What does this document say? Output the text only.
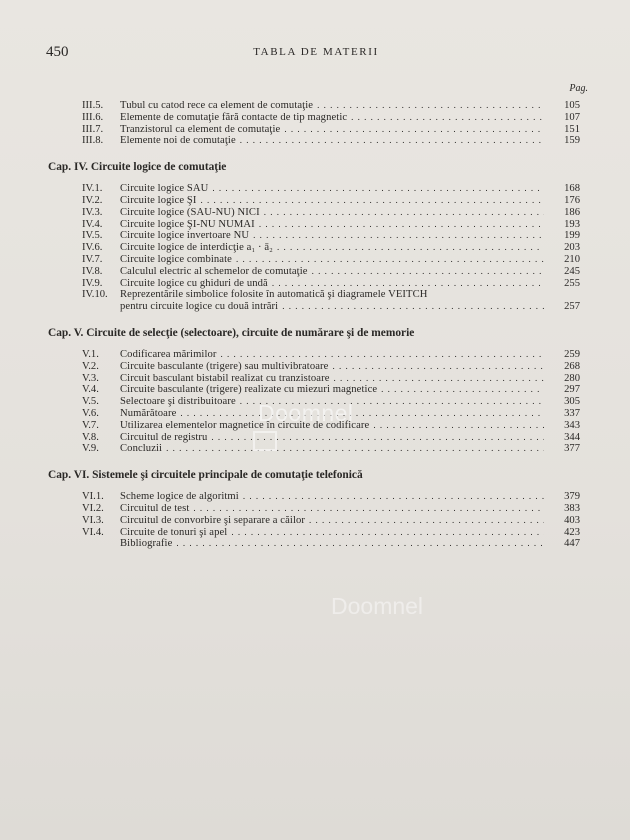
450	TABLA DE MATERII
Pag.
III.5.	Tubul cu catod rece ca element de comutaţie . . .	105
III.6.	Elemente de comutaţie fără contacte de tip magnetic . . .	107
III.7.	Tranzistorul ca element de comutaţie . . .	151
III.8.	Elemente noi de comutaţie . . .	159
Cap. IV. Circuite logice de comutaţie
IV.1.	Circuite logice SAU . . .	168
IV.2.	Circuite logice ŞI . . .	176
IV.3.	Circuite logice (SAU-NU) NICI . . .	186
IV.4.	Circuite logice ŞI-NU NUMAI . . .	193
IV.5.	Circuite logice invertoare NU . . .	199
IV.6.	Circuite logice de interdicţie a₁ · ā₂ . . .	203
IV.7.	Circuite logice combinate . . .	210
IV.8.	Calculul electric al schemelor de comutaţie . . .	245
IV.9.	Circuite logice cu ghiduri de undă . . .	255
IV.10.	Reprezentările simbolice folosite în automatică şi diagramele VEITCH
pentru circuite logice cu două intrări . . .	257
Cap. V. Circuite de selecţie (selectoare), circuite de numărare şi de memorie
V.1.	Codificarea mărimilor . . .	259
V.2.	Circuite basculante (trigere) sau multivibratoare . . .	268
V.3.	Circuit basculant bistabil realizat cu tranzistoare . . .	280
V.4.	Circuite basculante (trigere) realizate cu miezuri magnetice . . .	297
V.5.	Selectoare şi distribuitoare . . .	305
V.6.	Numărătoare . . .	337
V.7.	Utilizarea elementelor magnetice în circuite de codificare . . .	343
V.8.	Circuitul de registru . . .	344
V.9.	Concluzii . . .	377
Cap. VI. Sistemele şi circuitele principale de comutaţie telefonică
VI.1.	Scheme logice de algoritmi . . .	379
VI.2.	Circuitul de test . . .	383
VI.3.	Circuitul de convorbire şi separare a căilor . . .	403
VI.4.	Circuite de tonuri şi apel . . .	423
Bibliografie . . .	447
Doomnel
Doomnel
